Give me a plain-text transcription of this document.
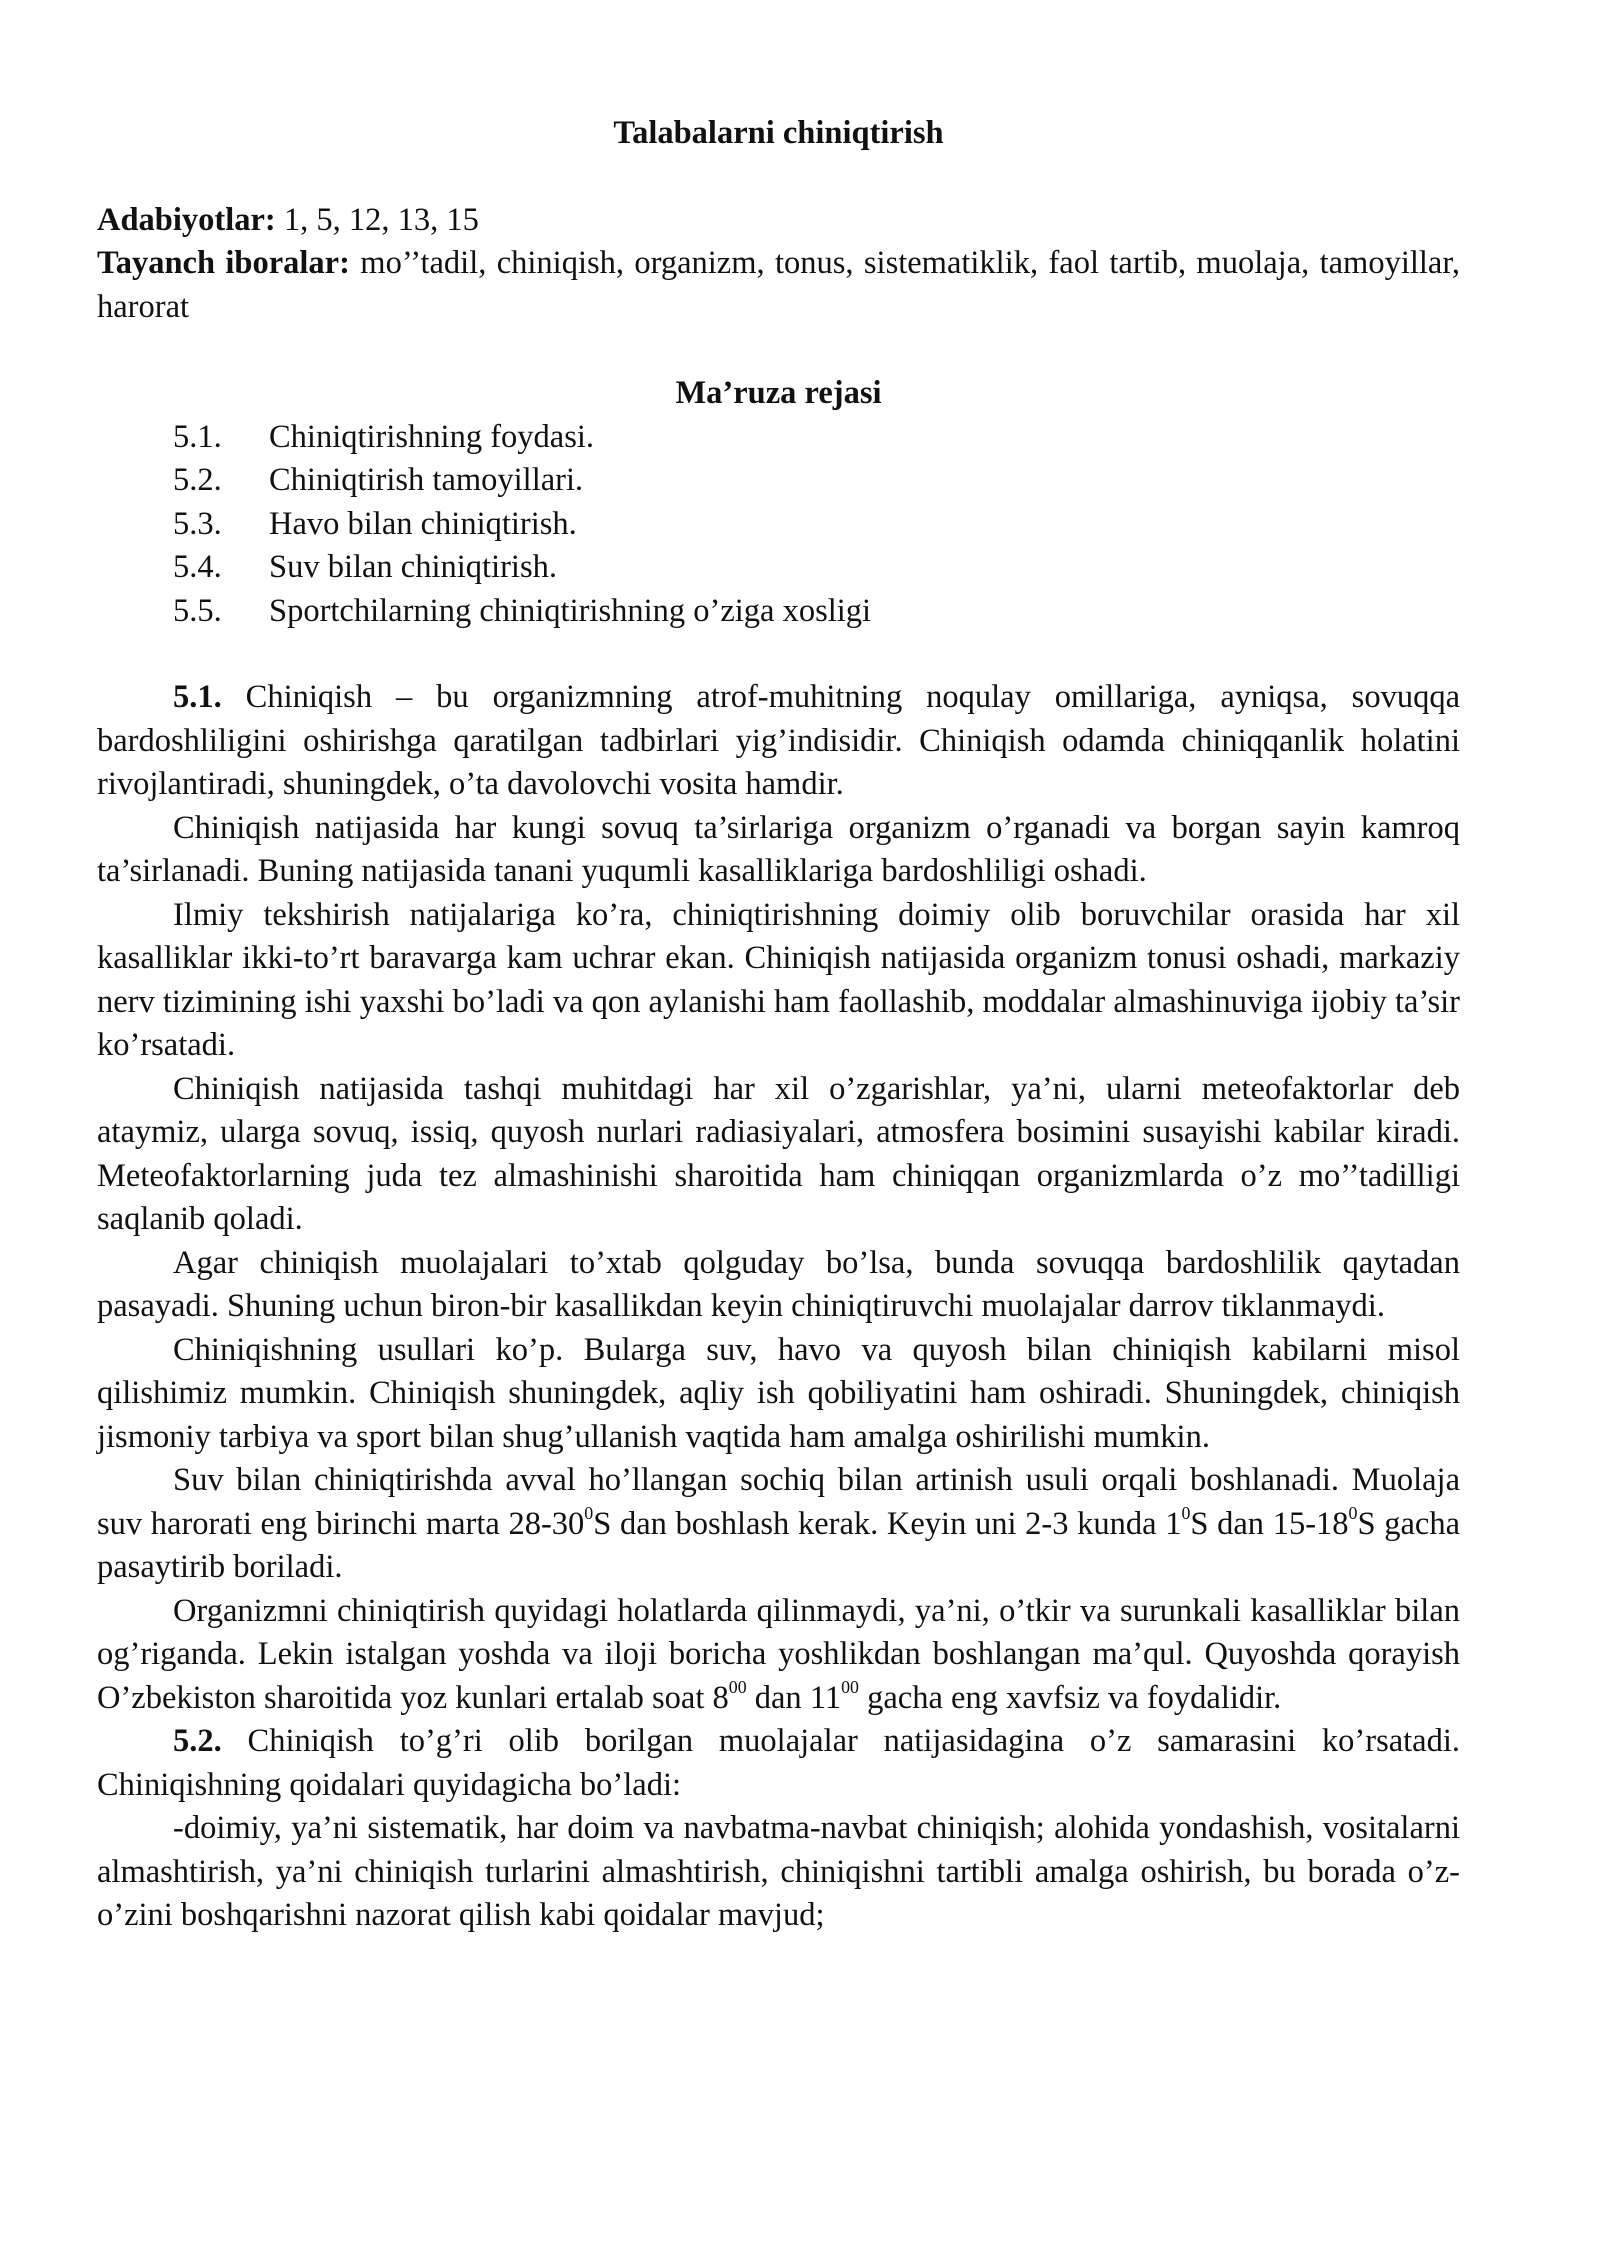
Talabalarni chiniqtirish

Adabiyotlar: 1, 5, 12, 13, 15

Tayanch iboralar: mo’’tadil, chiniqish, organizm, tonus, sistematiklik, faol tartib, muolaja, tamoyillar, harorat

Ma’ruza rejasi
5.1.	Chiniqtirishning foydasi.
5.2.	Chiniqtirish tamoyillari.
5.3.	Havo bilan chiniqtirish.
5.4.	Suv bilan chiniqtirish.
5.5.	Sportchilarning chiniqtirishning o’ziga xosligi

5.1. Chiniqish – bu organizmning atrof-muhitning noqulay omillariga, ayniqsa, sovuqqa bardoshliligini oshirishga qaratilgan tadbirlari yig’indisidir. Chiniqish odamda chiniqqanlik holatini rivojlantiradi, shuningdek, o’ta davolovchi vosita hamdir.

Chiniqish natijasida har kungi sovuq ta’sirlariga organizm o’rganadi va borgan sayin kamroq ta’sirlanadi. Buning natijasida tanani yuqumli kasalliklariga bardoshliligi oshadi.

Ilmiy tekshirish natijalariga ko’ra, chiniqtirishning doimiy olib boruvchilar orasida har xil kasalliklar ikki-to’rt baravarga kam uchrar ekan. Chiniqish natijasida organizm tonusi oshadi, markaziy nerv tizimining ishi yaxshi bo’ladi va qon aylanishi ham faollashib, moddalar almashinuviga ijobiy ta’sir ko’rsatadi.

Chiniqish natijasida tashqi muhitdagi har xil o’zgarishlar, ya’ni, ularni meteofaktorlar deb ataymiz, ularga sovuq, issiq, quyosh nurlari radiasiyalari, atmosfera bosimini susayishi kabilar kiradi. Meteofaktorlarning juda tez almashinishi sharoitida ham chiniqqan organizmlarda o’z mo’’tadilligi saqlanib qoladi.

Agar chiniqish muolajalari to’xtab qolguday bo’lsa, bunda sovuqqa bardoshlilik qaytadan pasayadi. Shuning uchun biron-bir kasallikdan keyin chiniqtiruvchi muolajalar darrov tiklanmaydi.

Chiniqishning usullari ko’p. Bularga suv, havo va quyosh bilan chiniqish kabilarni misol qilishimiz mumkin. Chiniqish shuningdek, aqliy ish qobiliyatini ham oshiradi. Shuningdek, chiniqish jismoniy tarbiya va sport bilan shug’ullanish vaqtida ham amalga oshirilishi mumkin.

Suv bilan chiniqtirishda avval ho’llangan sochiq bilan artinish usuli orqali boshlanadi. Muolaja suv harorati eng birinchi marta $28-30^0S$ dan boshlash kerak. Keyin uni 2-3 kunda $1^0S$ dan $15-18^0S$ gacha pasaytirib boriladi.

Organizmni chiniqtirish quyidagi holatlarda qilinmaydi, ya’ni, o’tkir va surunkali kasalliklar bilan og’riganda. Lekin istalgan yoshda va iloji boricha yoshlikdan boshlangan ma’qul. Quyoshda qorayish O’zbekiston sharoitida yoz kunlari ertalab soat $8^{00}$ dan $11^{00}$ gacha eng xavfsiz va foydalidir.

5.2. Chiniqish to’g’ri olib borilgan muolajalar natijasidagina o’z samarasini ko’rsatadi. Chiniqishning qoidalari quyidagicha bo’ladi:

-doimiy, ya’ni sistematik, har doim va navbatma-navbat chiniqish; alohida yondashish, vositalarni almashtirish, ya’ni chiniqish turlarini almashtirish, chiniqishni tartibli amalga oshirish, bu borada o’z-o’zini boshqarishni nazorat qilish kabi qoidalar mavjud;
